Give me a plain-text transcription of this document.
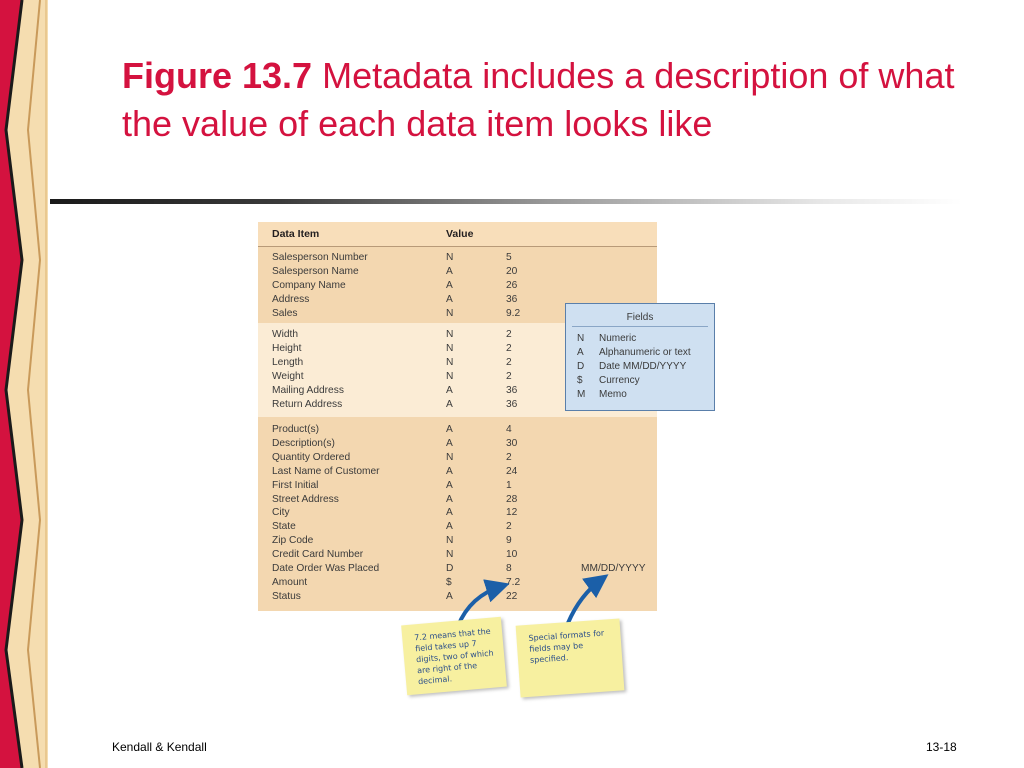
Figure 13.7 Metadata includes a description of what the value of each data item looks like
Data Item	Value
Salesperson Number	N	5
Salesperson Name	A	20
Company Name	A	26
Address	A	36
Sales	N	9.2
Width	N	2
Height	N	2
Length	N	2
Weight	N	2
Mailing Address	A	36
Return Address	A	36
Product(s)	A	4
Description(s)	A	30
Quantity Ordered	N	2
Last Name of Customer	A	24
First Initial	A	1
Street Address	A	28
City	A	12
State	A	2
Zip Code	N	9
Credit Card Number	N	10
Date Order Was Placed	D	8	MM/DD/YYYY
Amount	$	7.2
Status	A	22
Fields
N Numeric
A Alphanumeric or text
D Date MM/DD/YYYY
$ Currency
M Memo
7.2 means that the field takes up 7 digits, two of which are right of the decimal.
Special formats for fields may be specified.
Kendall & Kendall	13-18
